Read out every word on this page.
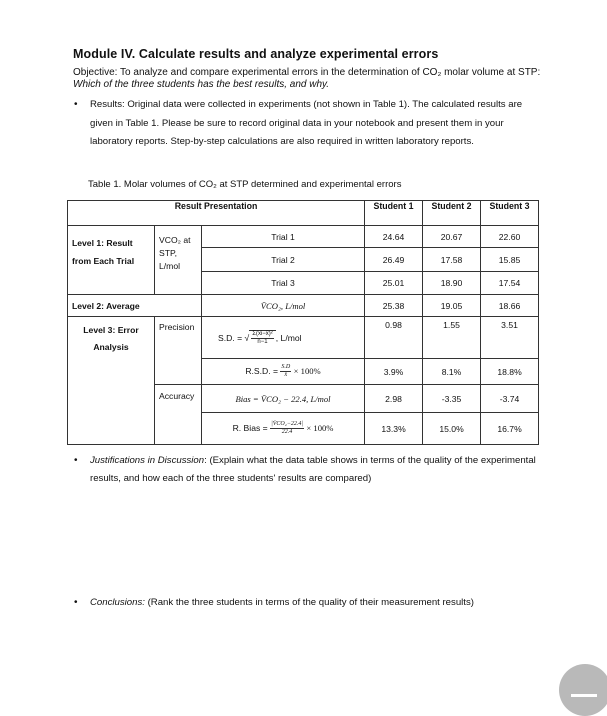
Module IV. Calculate results and analyze experimental errors
Objective: To analyze and compare experimental errors in the determination of CO₂ molar volume at STP: Which of the three students has the best results, and why.
• Results: Original data were collected in experiments (not shown in Table 1). The calculated results are given in Table 1. Please be sure to record original data in your notebook and present them in your laboratory reports. Step-by-step calculations are also required in written laboratory reports.
Table 1. Molar volumes of CO₂ at STP determined and experimental errors
Result Presentation			Student 1	Student 2	Student 3
Level 1: Result from Each Trial	VCO₂ at
STP,
L/mol	Trial 1	24.64	20.67	22.60
		Trial 2	26.49	17.58	15.85
		Trial 3	25.01	18.90	17.54
Level 2: Average		V̄CO₂, L/mol	25.38	19.05	18.66
Level 3: Error Analysis	Precision	S.D. = √ $\frac{\text{Σ(xi−x̄)²}}{n-1}$ , L/mol	0.98	1.55	3.51
		R.S.D. = $\frac{S.D}{x̄} \times 100\%$	3.9%	8.1%	18.8%
	Accuracy	Bias = V̄CO₂ − 22.4, L/mol	2.98	-3.35	-3.74
		R. Bias = $\frac{\text{|V̄CO₂−22.4|}}{22.4} \times 100\%$	13.3%	15.0%	16.7%
• Justifications in Discussion: (Explain what the data table shows in terms of the quality of the experimental results, and how each of the three students' results are compared)
• Conclusions: (Rank the three students in terms of the quality of their measurement results)
